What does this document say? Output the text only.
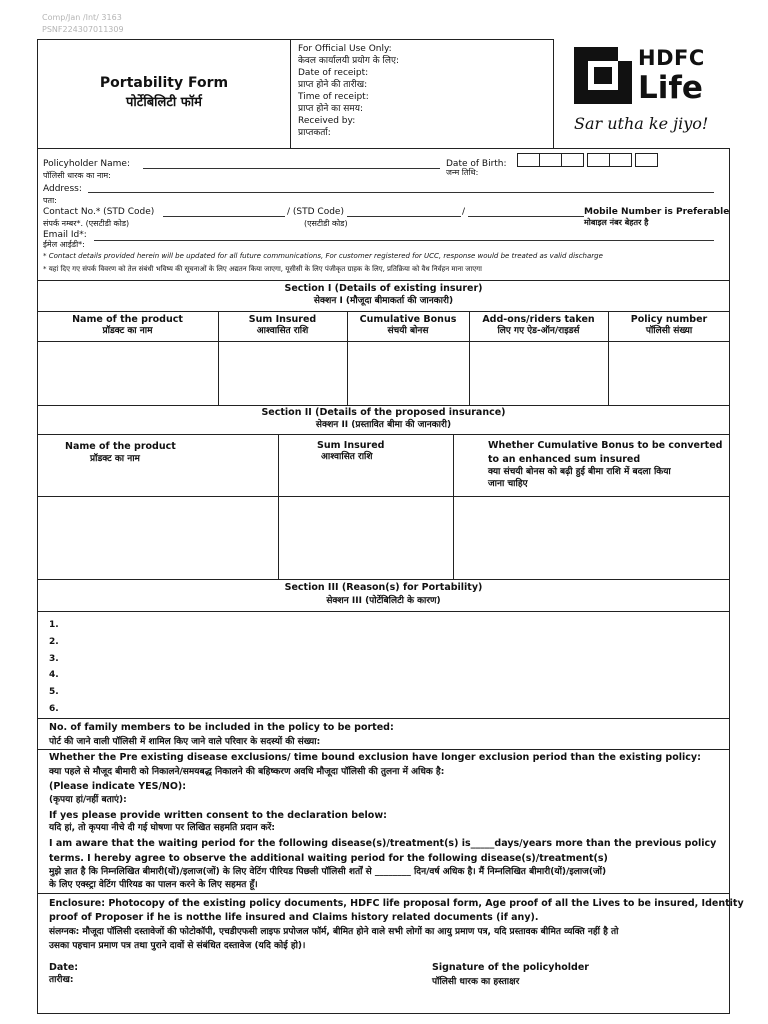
Comp/Jan /Int/ 3163
PSNF224307011309
Portability Form
पोर्टेबिलिटी फॉर्म
For Official Use Only:
केवल कार्यालयी प्रयोग के लिए:
Date of receipt:
प्राप्त होने की तारीख:
Time of receipt:
प्राप्त होने का समय:
Received by:
प्राप्तकर्ता:
HDFC
Life
Sar utha ke jiyo!
Policyholder Name:
पॉलिसी धारक का नाम:
Date of Birth:
जन्म तिथि:
Address:
पता:
Contact No.* (STD Code)
संपर्क नम्बर*. (एसटीडी कोड)
/ (STD Code)
(एसटीडी कोड)
/	Mobile Number is Preferable
मोबाइल नंबर बेहतर है
Email Id*:
ईमेल आईडी*:
* Contact details provided herein will be updated for all future communications, For customer registered for UCC, response would be treated as valid discharge
* यहां दिए गए संपर्क विवरण को तेल संबंधी भविष्य की सूचनाओं के लिए अद्यतन किया जाएगा, यूसीसी के लिए पंजीकृत ग्राहक के लिए, प्रतिक्रिया को वैध निर्वहन माना जाएगा
Section I (Details of existing insurer)
सेक्शन I (मौजूदा बीमाकर्ता की जानकारी)
Name of the product
प्रॉडक्ट का नाम
Sum Insured
आश्वासित राशि
Cumulative Bonus
संचयी बोनस
Add-ons/riders taken
लिए गए ऐड-ऑन/राइडर्स
Policy number
पॉलिसी संख्या
Section II (Details of the proposed insurance)
सेक्शन II (प्रस्तावित बीमा की जानकारी)
Name of the product
प्रॉडक्ट का नाम
Sum Insured
आश्वासित राशि
Whether Cumulative Bonus to be converted
to an enhanced sum insured
क्या संचयी बोनस को बढ़ी हुई बीमा राशि में बदला किया
जाना चाहिए
Section III (Reason(s) for Portability)
सेक्शन III (पोर्टेबिलिटी के कारण)
1.
2.
3.
4.
5.
6.
No. of family members to be included in the policy to be ported:
पोर्ट की जाने वाली पॉलिसी में शामिल किए जाने वाले परिवार के सदस्यों की संख्या:
Whether the Pre existing disease exclusions/ time bound exclusion have longer exclusion period than the existing policy:
क्या पहले से मौजूद बीमारी को निकालने/समयबद्ध निकालने की बहिष्करण अवधि मौजूदा पॉलिसी की तुलना में अधिक है:
(Please indicate YES/NO):
(कृपया हां/नहीं बताएं):
If yes please provide written consent to the declaration below:
यदि हां, तो कृपया नीचे दी गई घोषणा पर लिखित सहमति प्रदान करें:
I am aware that the waiting period for the following disease(s)/treatment(s) is_____days/years more than the previous policy
terms. I hereby agree to observe the additional waiting period for the following disease(s)/treatment(s)
मुझे ज्ञात है कि निम्नलिखित बीमारी(यों)/इलाज(जों) के लिए वेटिंग पीरियड पिछली पॉलिसी शर्तों से ________ दिन/वर्ष अधिक है। मैं निम्नलिखित बीमारी(यों)/इलाज(जों)
के लिए एक्स्ट्रा वेटिंग पीरियड का पालन करने के लिए सहमत हूँ।
Enclosure: Photocopy of the existing policy documents, HDFC life proposal form, Age proof of all the Lives to be insured, Identity
proof of Proposer if he is notthe life insured and Claims history related documents (if any).
संलग्नक: मौजूदा पॉलिसी दस्तावेजों की फोटोकॉपी, एचडीएफसी लाइफ प्रपोजल फॉर्म, बीमित होने वाले सभी लोगों का आयु प्रमाण पत्र, यदि प्रस्तावक बीमित व्यक्ति नहीं है तो
उसका पहचान प्रमाण पत्र तथा पुराने दावों से संबंधित दस्तावेज (यदि कोई हो)।
Date:
तारीख:
Signature of the policyholder
पॉलिसी धारक का हस्ताक्षर
